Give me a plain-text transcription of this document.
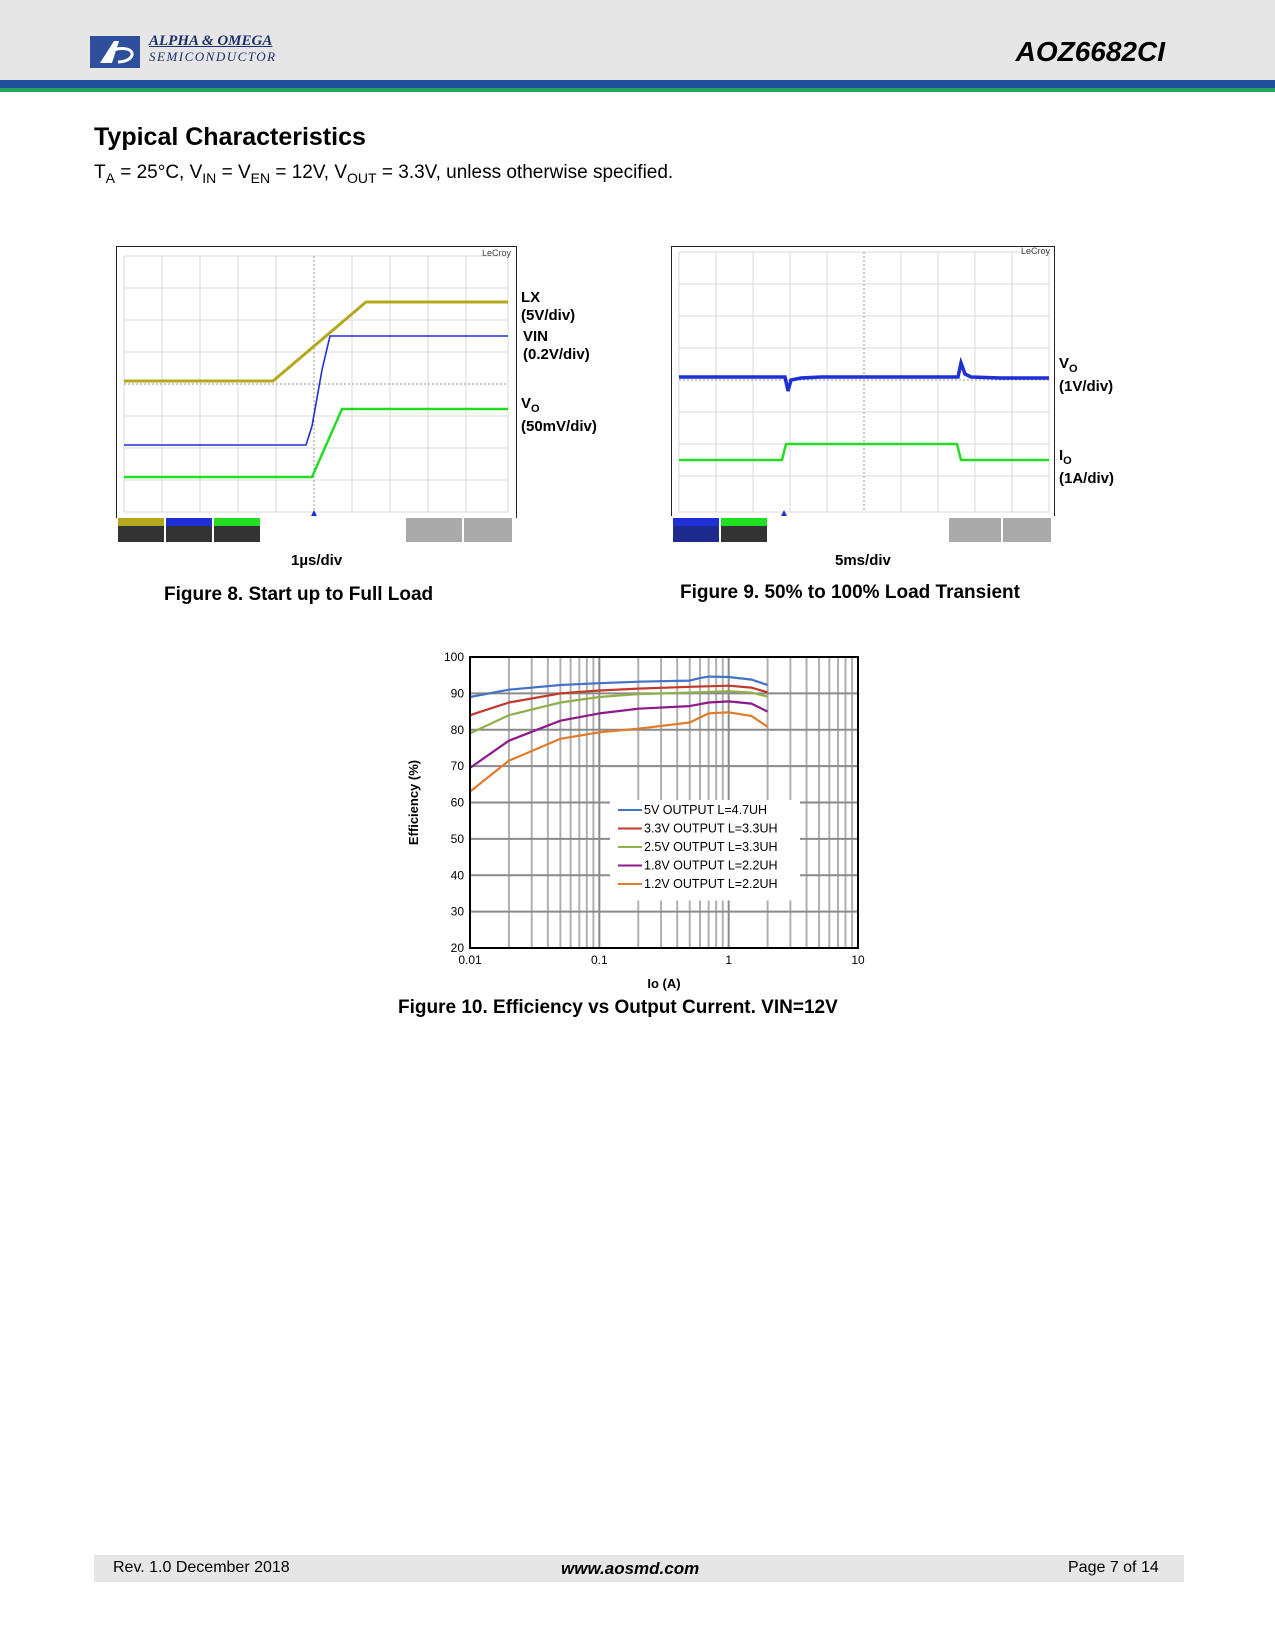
ALPHA & OMEGA
SEMICONDUCTOR	AOZ6682CI
Typical Characteristics
$T_A = 25^\circ C$, $V_{IN} = V_{EN} = 12V$, $V_{OUT} = 3.3V$, unless otherwise specified.
LeCroy
LX
(5V/div)
VIN
(0.2V/div)
$V_O$
(50mV/div)
1µs/div
Figure 8. Start up to Full Load
LeCroy
$V_O$
(1V/div)
$I_O$
(1A/div)
5ms/div
Figure 9. 50% to 100% Load Transient
20
30
40
50
60
70
80
90
100
0.01	0.1	1	10
5V OUTPUT L=4.7UH
3.3V OUTPUT L=3.3UH
2.5V OUTPUT L=3.3UH
1.8V OUTPUT L=2.2UH
1.2V OUTPUT L=2.2UH
Io (A)
Efficiency (%)
Figure 10. Efficiency vs Output Current. VIN=12V
Rev. 1.0 December 2018	www.aosmd.com	Page 7 of 14
